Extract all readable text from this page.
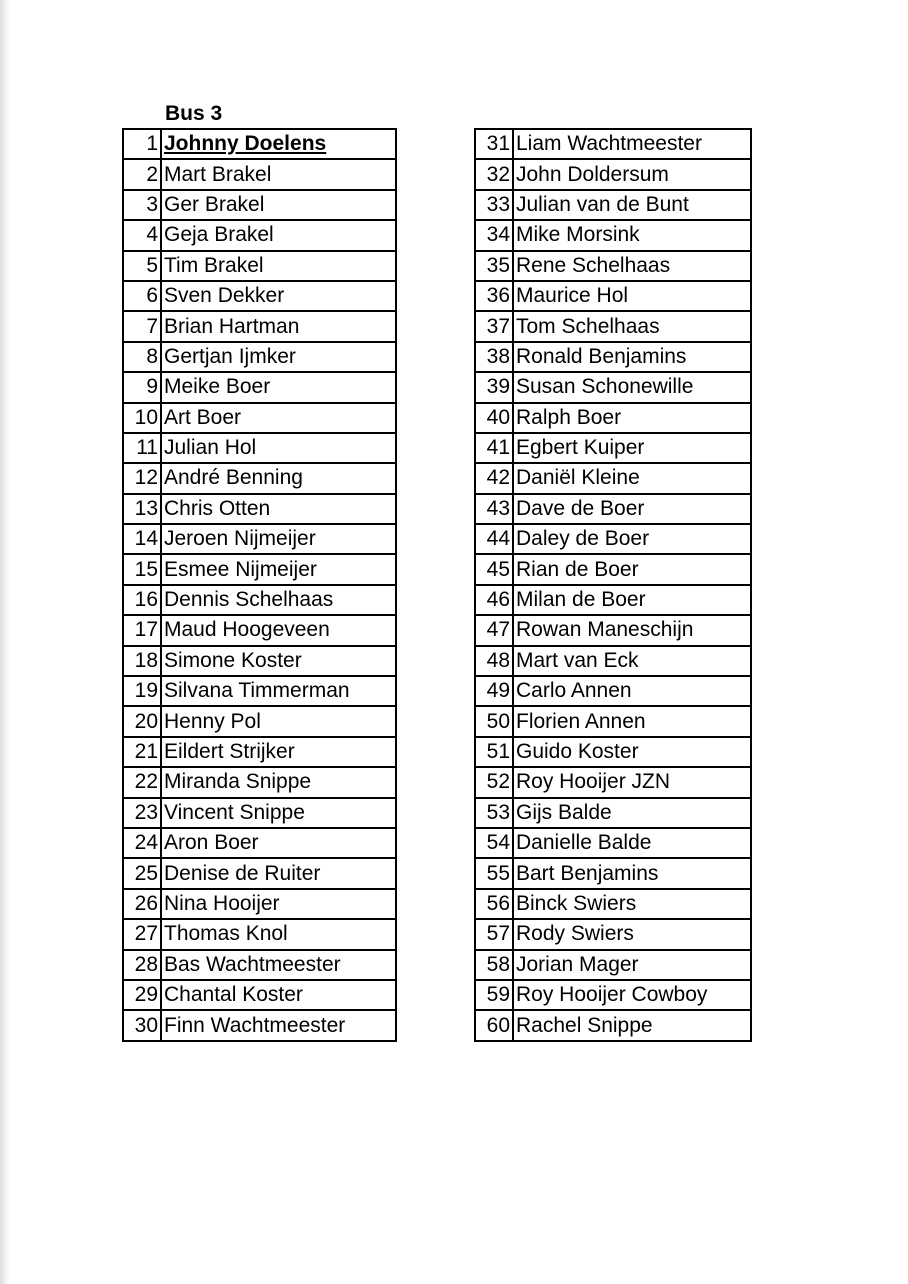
Bus 3
1	Johnny Doelens
2	Mart Brakel
3	Ger Brakel
4	Geja Brakel
5	Tim Brakel
6	Sven Dekker
7	Brian Hartman
8	Gertjan Ijmker
9	Meike Boer
10	Art Boer
11	Julian Hol
12	André Benning
13	Chris Otten
14	Jeroen Nijmeijer
15	Esmee Nijmeijer
16	Dennis Schelhaas
17	Maud Hoogeveen
18	Simone Koster
19	Silvana Timmerman
20	Henny Pol
21	Eildert Strijker
22	Miranda Snippe
23	Vincent Snippe
24	Aron Boer
25	Denise de Ruiter
26	Nina Hooijer
27	Thomas Knol
28	Bas Wachtmeester
29	Chantal Koster
30	Finn Wachtmeester
31	Liam Wachtmeester
32	John Doldersum
33	Julian van de Bunt
34	Mike Morsink
35	Rene Schelhaas
36	Maurice Hol
37	Tom Schelhaas
38	Ronald Benjamins
39	Susan Schonewille
40	Ralph Boer
41	Egbert Kuiper
42	Daniël Kleine
43	Dave de Boer
44	Daley de Boer
45	Rian de Boer
46	Milan de Boer
47	Rowan Maneschijn
48	Mart van Eck
49	Carlo Annen
50	Florien Annen
51	Guido Koster
52	Roy Hooijer JZN
53	Gijs Balde
54	Danielle Balde
55	Bart Benjamins
56	Binck Swiers
57	Rody Swiers
58	Jorian Mager
59	Roy Hooijer Cowboy
60	Rachel Snippe
